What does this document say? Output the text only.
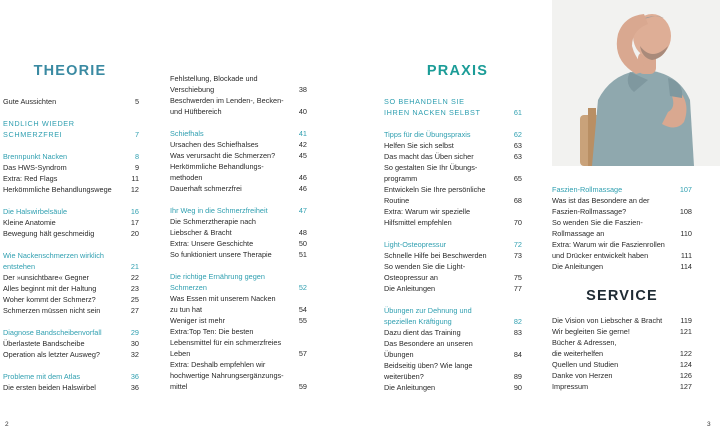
THEORIE	PRAXIS
SERVICE
Gute Aussichten	5
ENDLICH WIEDER
SCHMERZFREI	7
Brennpunkt Nacken	8
Das HWS-Syndrom	9
Extra: Red Flags	11
Herkömmliche Behandlungswege	12
Die Halswirbelsäule	16
Kleine Anatomie	17
Bewegung hält geschmeidig	20
Wie Nackenschmerzen wirklich
entstehen	21
Der »unsichtbare« Gegner	22
Alles beginnt mit der Haltung	23
Woher kommt der Schmerz?	25
Schmerzen müssen nicht sein	27
Diagnose Bandscheibenvorfall	29
Überlastete Bandscheibe	30
Operation als letzter Ausweg?	32
Probleme mit dem Atlas	36
Die ersten beiden Halswirbel	36
Fehlstellung, Blockade und
Verschiebung	38
Beschwerden im Lenden-, Becken-
und Hüftbereich	40
Schiefhals	41
Ursachen des Schiefhalses	42
Was verursacht die Schmerzen?	45
Herkömmliche Behandlungs-
methoden	46
Dauerhaft schmerzfrei	46
Ihr Weg in die Schmerzfreiheit	47
Die Schmerztherapie nach
Liebscher & Bracht	48
Extra: Unsere Geschichte	50
So funktioniert unsere Therapie	51
Die richtige Ernährung gegen
Schmerzen	52
Was Essen mit unserem Nacken
zu tun hat	54
Weniger ist mehr	55
Extra:Top Ten: Die besten
Lebensmittel für ein schmerzfreies
Leben	57
Extra: Deshalb empfehlen wir
hochwertige Nahrungsergänzungs-
mittel	59
SO BEHANDELN SIE
IHREN NACKEN SELBST	61
Tipps für die Übungspraxis	62
Helfen Sie sich selbst	63
Das macht das Üben sicher	63
So gestalten Sie Ihr Übungs-
programm	65
Entwickeln Sie Ihre persönliche
Routine	68
Extra: Warum wir spezielle
Hilfsmittel empfehlen	70
Light-Osteopressur	72
Schnelle Hilfe bei Beschwerden	73
So wenden Sie die Light-
Osteopressur an	75
Die Anleitungen	77
Übungen zur Dehnung und
speziellen Kräftigung	82
Dazu dient das Training	83
Das Besondere an unseren
Übungen	84
Beidseitig üben? Wie lange
weiterüben?	89
Die Anleitungen	90
Faszien-Rollmassage	107
Was ist das Besondere an der
Faszien-Rollmassage?	108
So wenden Sie die Faszien-
Rollmassage an	110
Extra: Warum wir die Faszienrollen
und Drücker entwickelt haben	111
Die Anleitungen	114
Die Vision von Liebscher & Bracht 119
Wir begleiten Sie gerne!	121
Bücher & Adressen,
die weiterhelfen	122
Quellen und Studien	124
Danke von Herzen	126
Impressum	127
2	3
